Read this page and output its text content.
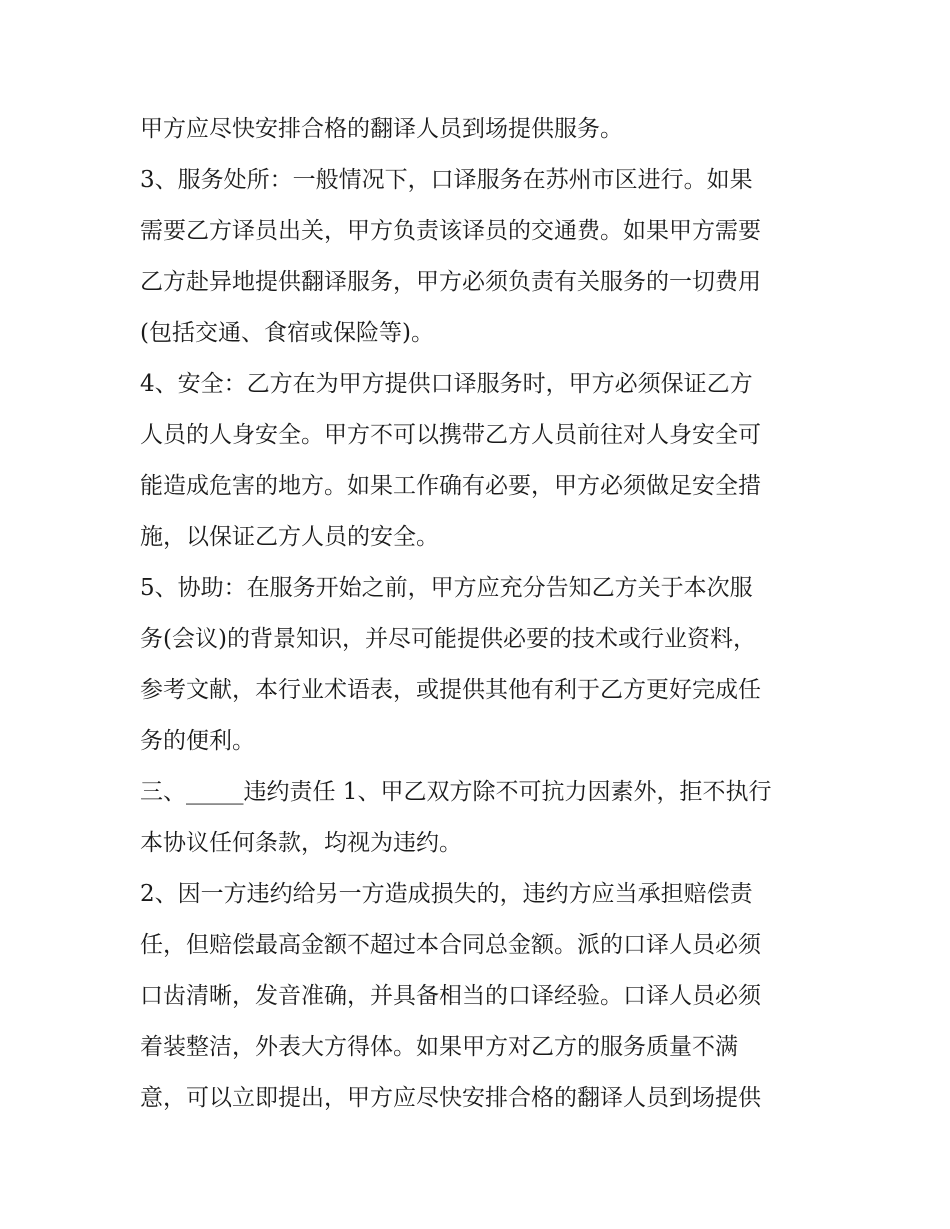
甲方应尽快安排合格的翻译人员到场提供服务。
3、服务处所：一般情况下，口译服务在苏州市区进行。如果
需要乙方译员出关，甲方负责该译员的交通费。如果甲方需要
乙方赴异地提供翻译服务，甲方必须负责有关服务的一切费用
(包括交通、食宿或保险等)。
4、安全：乙方在为甲方提供口译服务时，甲方必须保证乙方
人员的人身安全。甲方不可以携带乙方人员前往对人身安全可
能造成危害的地方。如果工作确有必要，甲方必须做足安全措
施，以保证乙方人员的安全。
5、协助：在服务开始之前，甲方应充分告知乙方关于本次服
务(会议)的背景知识，并尽可能提供必要的技术或行业资料，
参考文献，本行业术语表，或提供其他有利于乙方更好完成任
务的便利。
三、_____违约责任 1、甲乙双方除不可抗力因素外，拒不执行
本协议任何条款，均视为违约。
2、因一方违约给另一方造成损失的，违约方应当承担赔偿责
任，但赔偿最高金额不超过本合同总金额。派的口译人员必须
口齿清晰，发音准确，并具备相当的口译经验。口译人员必须
着装整洁，外表大方得体。如果甲方对乙方的服务质量不满
意，可以立即提出，甲方应尽快安排合格的翻译人员到场提供
